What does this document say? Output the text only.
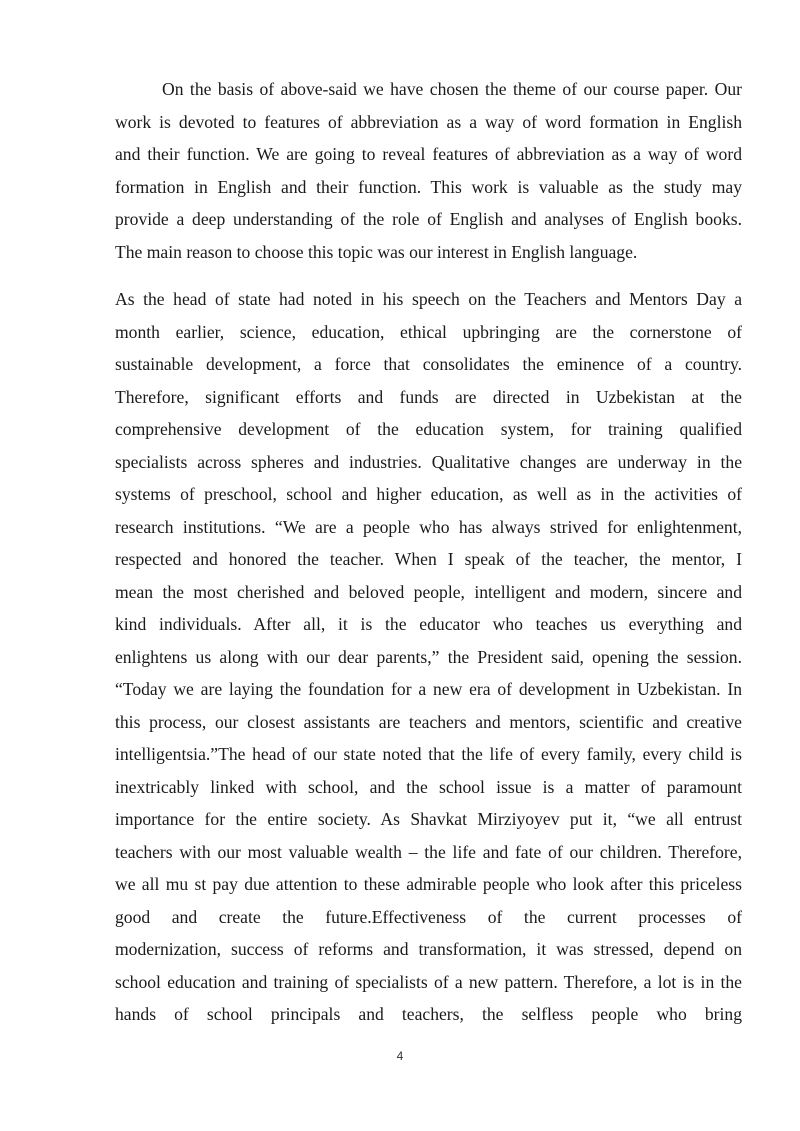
On the basis of above-said we have chosen the theme of our course paper. Our
work is devoted to features of abbreviation as a way of word formation in English
and their function. We are going to reveal features of abbreviation as a way of word
formation in English and their function. This work is valuable as the study may
provide a deep understanding of the role of English and analyses of English books.
The main reason to choose this topic was our interest in English language.
As the head of state had noted in his speech on the Teachers and Mentors Day a
month earlier, science, education, ethical upbringing are the cornerstone of
sustainable development, a force that consolidates the eminence of a country.
Therefore, significant efforts and funds are directed in Uzbekistan at the
comprehensive development of the education system, for training qualified
specialists across spheres and industries. Qualitative changes are underway in the
systems of preschool, school and higher education, as well as in the activities of
research institutions. “We are a people who has always strived for enlightenment,
respected and honored the teacher. When I speak of the teacher, the mentor, I
mean the most cherished and beloved people, intelligent and modern, sincere and
kind individuals. After all, it is the educator who teaches us everything and
enlightens us along with our dear parents,” the President said, opening the session.
“Today we are laying the foundation for a new era of development in Uzbekistan. In
this process, our closest assistants are teachers and mentors, scientific and creative
intelligentsia.”The head of our state noted that the life of every family, every child is
inextricably linked with school, and the school issue is a matter of paramount
importance for the entire society. As Shavkat Mirziyoyev put it, “we all entrust
teachers with our most valuable wealth – the life and fate of our children. Therefore,
we all mu st pay due attention to these admirable people who look after this priceless
good and create the future.Effectiveness of the current processes of
modernization, success of reforms and transformation, it was stressed, depend on
school education and training of specialists of a new pattern. Therefore, a lot is in the
hands of school principals and teachers, the selfless people who bring
4
